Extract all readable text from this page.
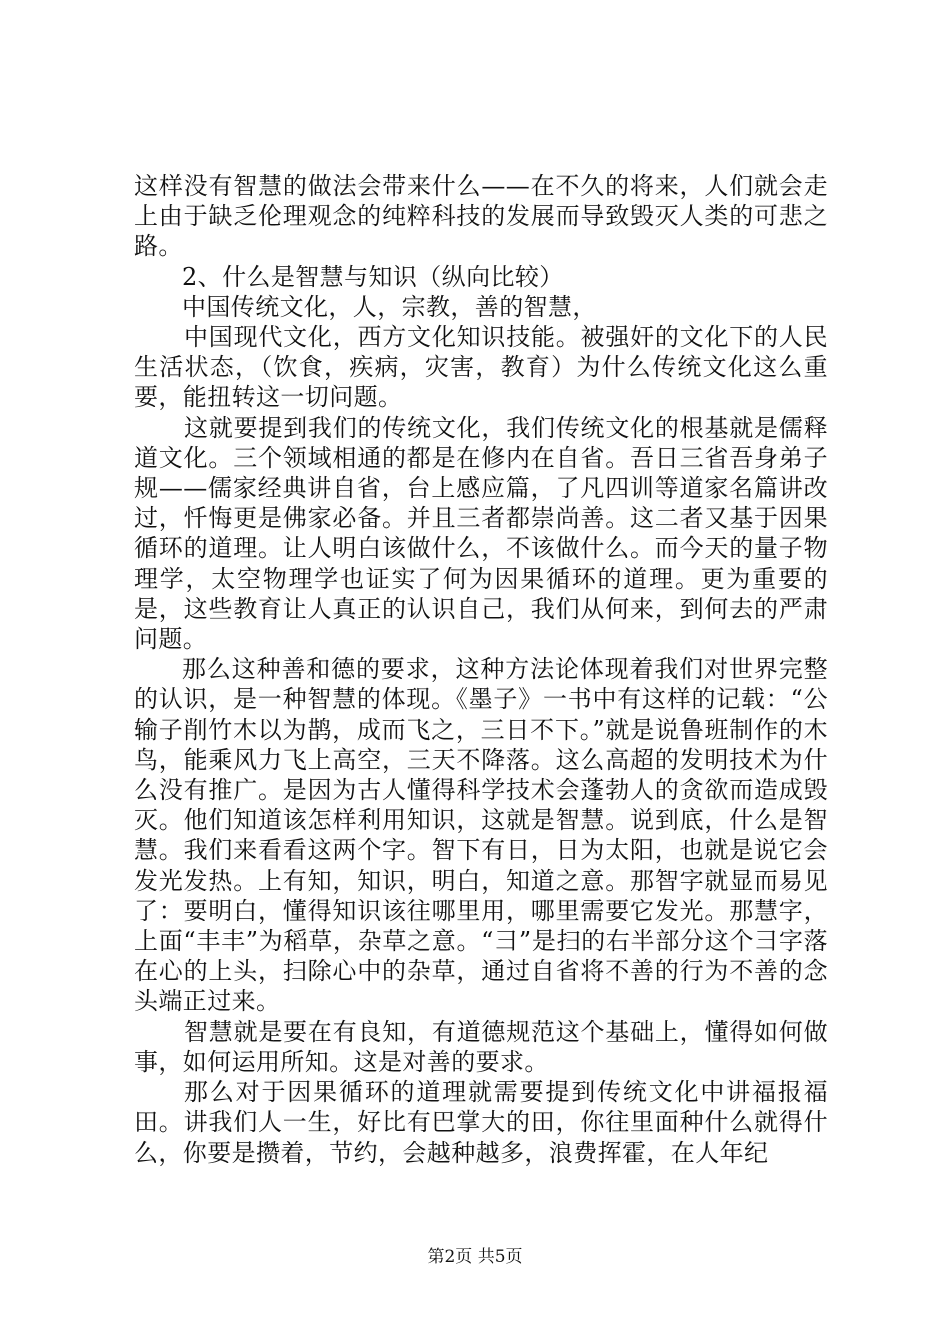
这样没有智慧的做法会带来什么——在不久的将来，人们就会走上由于缺乏伦理观念的纯粹科技的发展而导致毁灭人类的可悲之路。

2、什么是智慧与知识（纵向比较）

中国传统文化，人，宗教，善的智慧，

中国现代文化，西方文化知识技能。被强奸的文化下的人民生活状态，（饮食，疾病，灾害，教育）为什么传统文化这么重要，能扭转这一切问题。

这就要提到我们的传统文化，我们传统文化的根基就是儒释道文化。三个领域相通的都是在修内在自省。吾日三省吾身弟子规——儒家经典讲自省，台上感应篇，了凡四训等道家名篇讲改过，忏悔更是佛家必备。并且三者都崇尚善。这二者又基于因果循环的道理。让人明白该做什么，不该做什么。而今天的量子物理学，太空物理学也证实了何为因果循环的道理。更为重要的是，这些教育让人真正的认识自己，我们从何来，到何去的严肃问题。

那么这种善和德的要求，这种方法论体现着我们对世界完整的认识，是一种智慧的体现。《墨子》一书中有这样的记载：“公输子削竹木以为鹊，成而飞之，三日不下。”就是说鲁班制作的木鸟，能乘风力飞上高空，三天不降落。这么高超的发明技术为什么没有推广。是因为古人懂得科学技术会蓬勃人的贪欲而造成毁灭。他们知道该怎样利用知识，这就是智慧。说到底，什么是智慧。我们来看看这两个字。智下有日，日为太阳，也就是说它会发光发热。上有知，知识，明白，知道之意。那智字就显而易见了：要明白，懂得知识该往哪里用，哪里需要它发光。那慧字，上面“丰丰”为稻草，杂草之意。“彐”是扫的右半部分这个彐字落在心的上头，扫除心中的杂草，通过自省将不善的行为不善的念头端正过来。

智慧就是要在有良知，有道德规范这个基础上，懂得如何做事，如何运用所知。这是对善的要求。

那么对于因果循环的道理就需要提到传统文化中讲福报福田。讲我们人一生，好比有巴掌大的田，你往里面种什么就得什么，你要是攒着，节约，会越种越多，浪费挥霍，在人年纪

第2页 共5页
